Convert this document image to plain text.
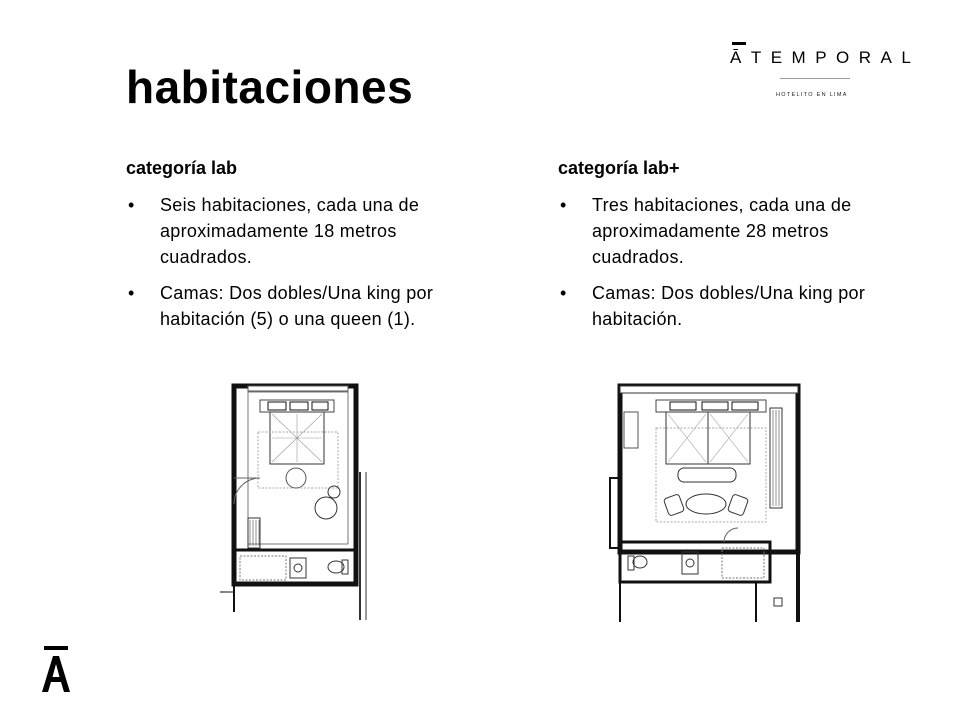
habitaciones
ĀTEMPORAL
HOTELITO EN LIMA
categoría lab
• Seis habitaciones, cada una de aproximadamente 18 metros cuadrados.
• Camas: Dos dobles/Una king por habitación (5) o una queen (1).
categoría lab+
• Tres habitaciones, cada una de aproximadamente 28 metros cuadrados.
• Camas: Dos dobles/Una king por habitación.
